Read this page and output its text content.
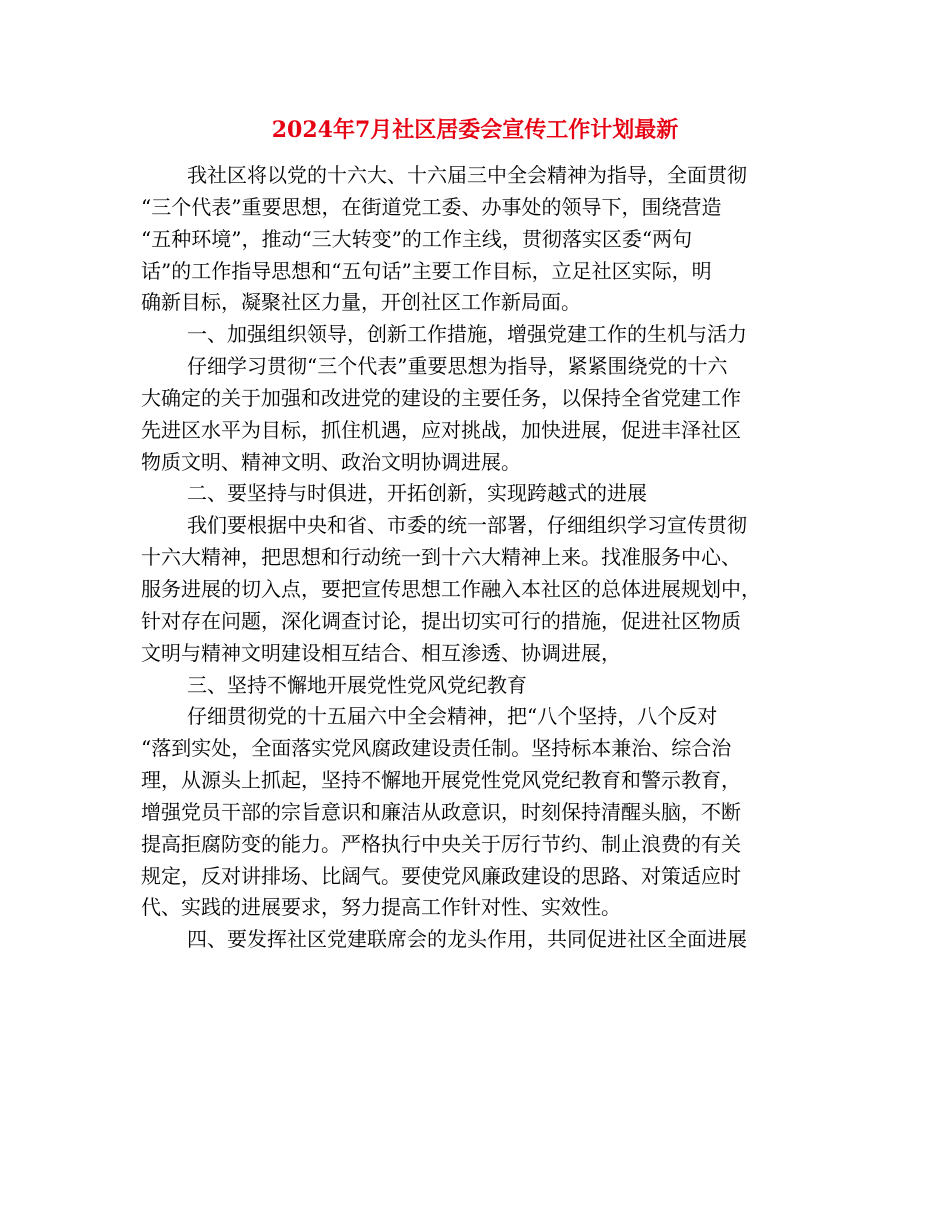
2024年7月社区居委会宣传工作计划最新
我社区将以党的十六大、十六届三中全会精神为指导，全面贯彻
“三个代表”重要思想，在街道党工委、办事处的领导下，围绕营造
“五种环境”，推动“三大转变”的工作主线，贯彻落实区委“两句
话”的工作指导思想和“五句话”主要工作目标，立足社区实际，明
确新目标，凝聚社区力量，开创社区工作新局面。
一、加强组织领导，创新工作措施，增强党建工作的生机与活力
仔细学习贯彻“三个代表”重要思想为指导，紧紧围绕党的十六
大确定的关于加强和改进党的建设的主要任务，以保持全省党建工作
先进区水平为目标，抓住机遇，应对挑战，加快进展，促进丰泽社区
物质文明、精神文明、政治文明协调进展。
二、要坚持与时俱进，开拓创新，实现跨越式的进展
我们要根据中央和省、市委的统一部署，仔细组织学习宣传贯彻
十六大精神，把思想和行动统一到十六大精神上来。找准服务中心、
服务进展的切入点，要把宣传思想工作融入本社区的总体进展规划中，
针对存在问题，深化调查讨论，提出切实可行的措施，促进社区物质
文明与精神文明建设相互结合、相互渗透、协调进展，
三、坚持不懈地开展党性党风党纪教育
仔细贯彻党的十五届六中全会精神，把“八个坚持，八个反对
“落到实处，全面落实党风腐政建设责任制。坚持标本兼治、综合治
理，从源头上抓起，坚持不懈地开展党性党风党纪教育和警示教育，
增强党员干部的宗旨意识和廉洁从政意识，时刻保持清醒头脑，不断
提高拒腐防变的能力。严格执行中央关于厉行节约、制止浪费的有关
规定，反对讲排场、比阔气。要使党风廉政建设的思路、对策适应时
代、实践的进展要求，努力提高工作针对性、实效性。
四、要发挥社区党建联席会的龙头作用，共同促进社区全面进展
